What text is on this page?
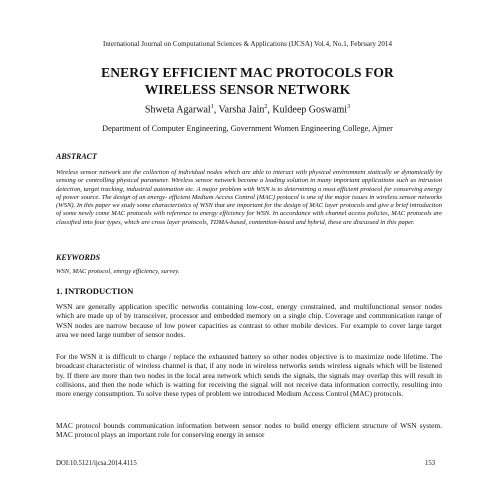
International Journal on Computational Sciences & Applications (IJCSA) Vol.4, No.1, February 2014
ENERGY EFFICIENT MAC PROTOCOLS FOR
WIRELESS SENSOR NETWORK
Shweta Agarwal$^1$, Varsha Jain$^2$, Kuldeep Goswami$^3$
Department of Computer Engineering, Government Women Engineering College, Ajmer
ABSTRACT
Wireless sensor network are the collection of individual nodes which are able to interact with physical environment statically or dynamically by sensing or controlling physical parameter. Wireless sensor network become a leading solution in many important applications such as intrusion detection, target tracking, industrial automation etc. A major problem with WSN is to determining a most efficient protocol for conserving energy of power source. The design of an energy- efficient Medium Access Control (MAC) protocol is one of the major issues in wireless sensor networks (WSN). In this paper we study some characteristics of WSN that are important for the design of MAC layer protocols and give a brief introduction of some newly come MAC protocols with reference to energy efficiency for WSN. In accordance with channel access policies, MAC protocols are classified into four types, which are cross layer protocols, TDMA-based, contention-based and hybrid, these are discussed in this paper.
KEYWORDS
WSN, MAC protocol, energy efficiency, survey.
1. INTRODUCTION
WSN are generally application specific networks containing low-cost, energy constrained, and multifunctional sensor nodes which are made up of by transceiver, processor and embedded memory on a single chip. Coverage and communication range of WSN nodes are narrow because of low power capacities as contrast to other mobile devices. For example to cover large target area we need large number of sensor nodes.
For the WSN it is difficult to charge / replace the exhausted battery so other nodes objective is to maximize node lifetime. The broadcast characteristic of wireless channel is that, if any node in wireless networks sends wireless signals which will be listened by. If there are more than two nodes in the local area network which sends the signals, the signals may overlap this will result in collisions, and then the node which is waiting for receiving the signal will not receive data information correctly, resulting into more energy consumption. To solve these types of problem we introduced Medium Access Control (MAC) protocols.
MAC protocol bounds communication information between sensor nodes to build energy efficient structure of WSN system. MAC protocol plays an important role for conserving energy in sensor
DOI:10.5121/ijcsa.2014.4115	153
